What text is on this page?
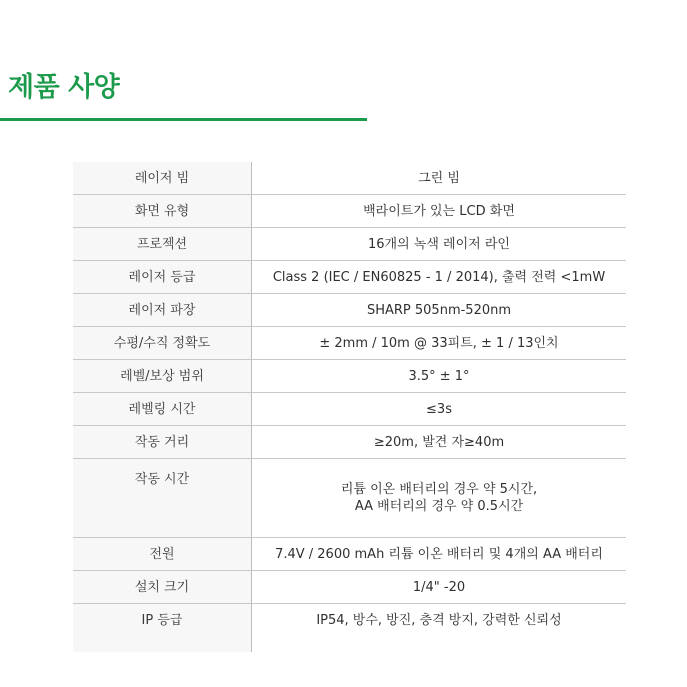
제품 사양
레이저 빔	그린 빔
화면 유형	백라이트가 있는 LCD 화면
프로젝션	16개의 녹색 레이저 라인
레이저 등급	Class 2 (IEC / EN60825 - 1 / 2014), 출력 전력 <1mW
레이저 파장	SHARP 505nm-520nm
수평/수직 정확도	± 2mm / 10m @ 33피트, ± 1 / 13인치
레벨/보상 범위	3.5° ± 1°
레벨링 시간	≤3s
작동 거리	≥20m, 발견 자≥40m
작동 시간	리튬 이온 배터리의 경우 약 5시간,
AA 배터리의 경우 약 0.5시간

전원	7.4V / 2600 mAh 리튬 이온 배터리 및 4개의 AA 배터리
설치 크기	1/4" -20
IP 등급	IP54, 방수, 방진, 충격 방지, 강력한 신뢰성
